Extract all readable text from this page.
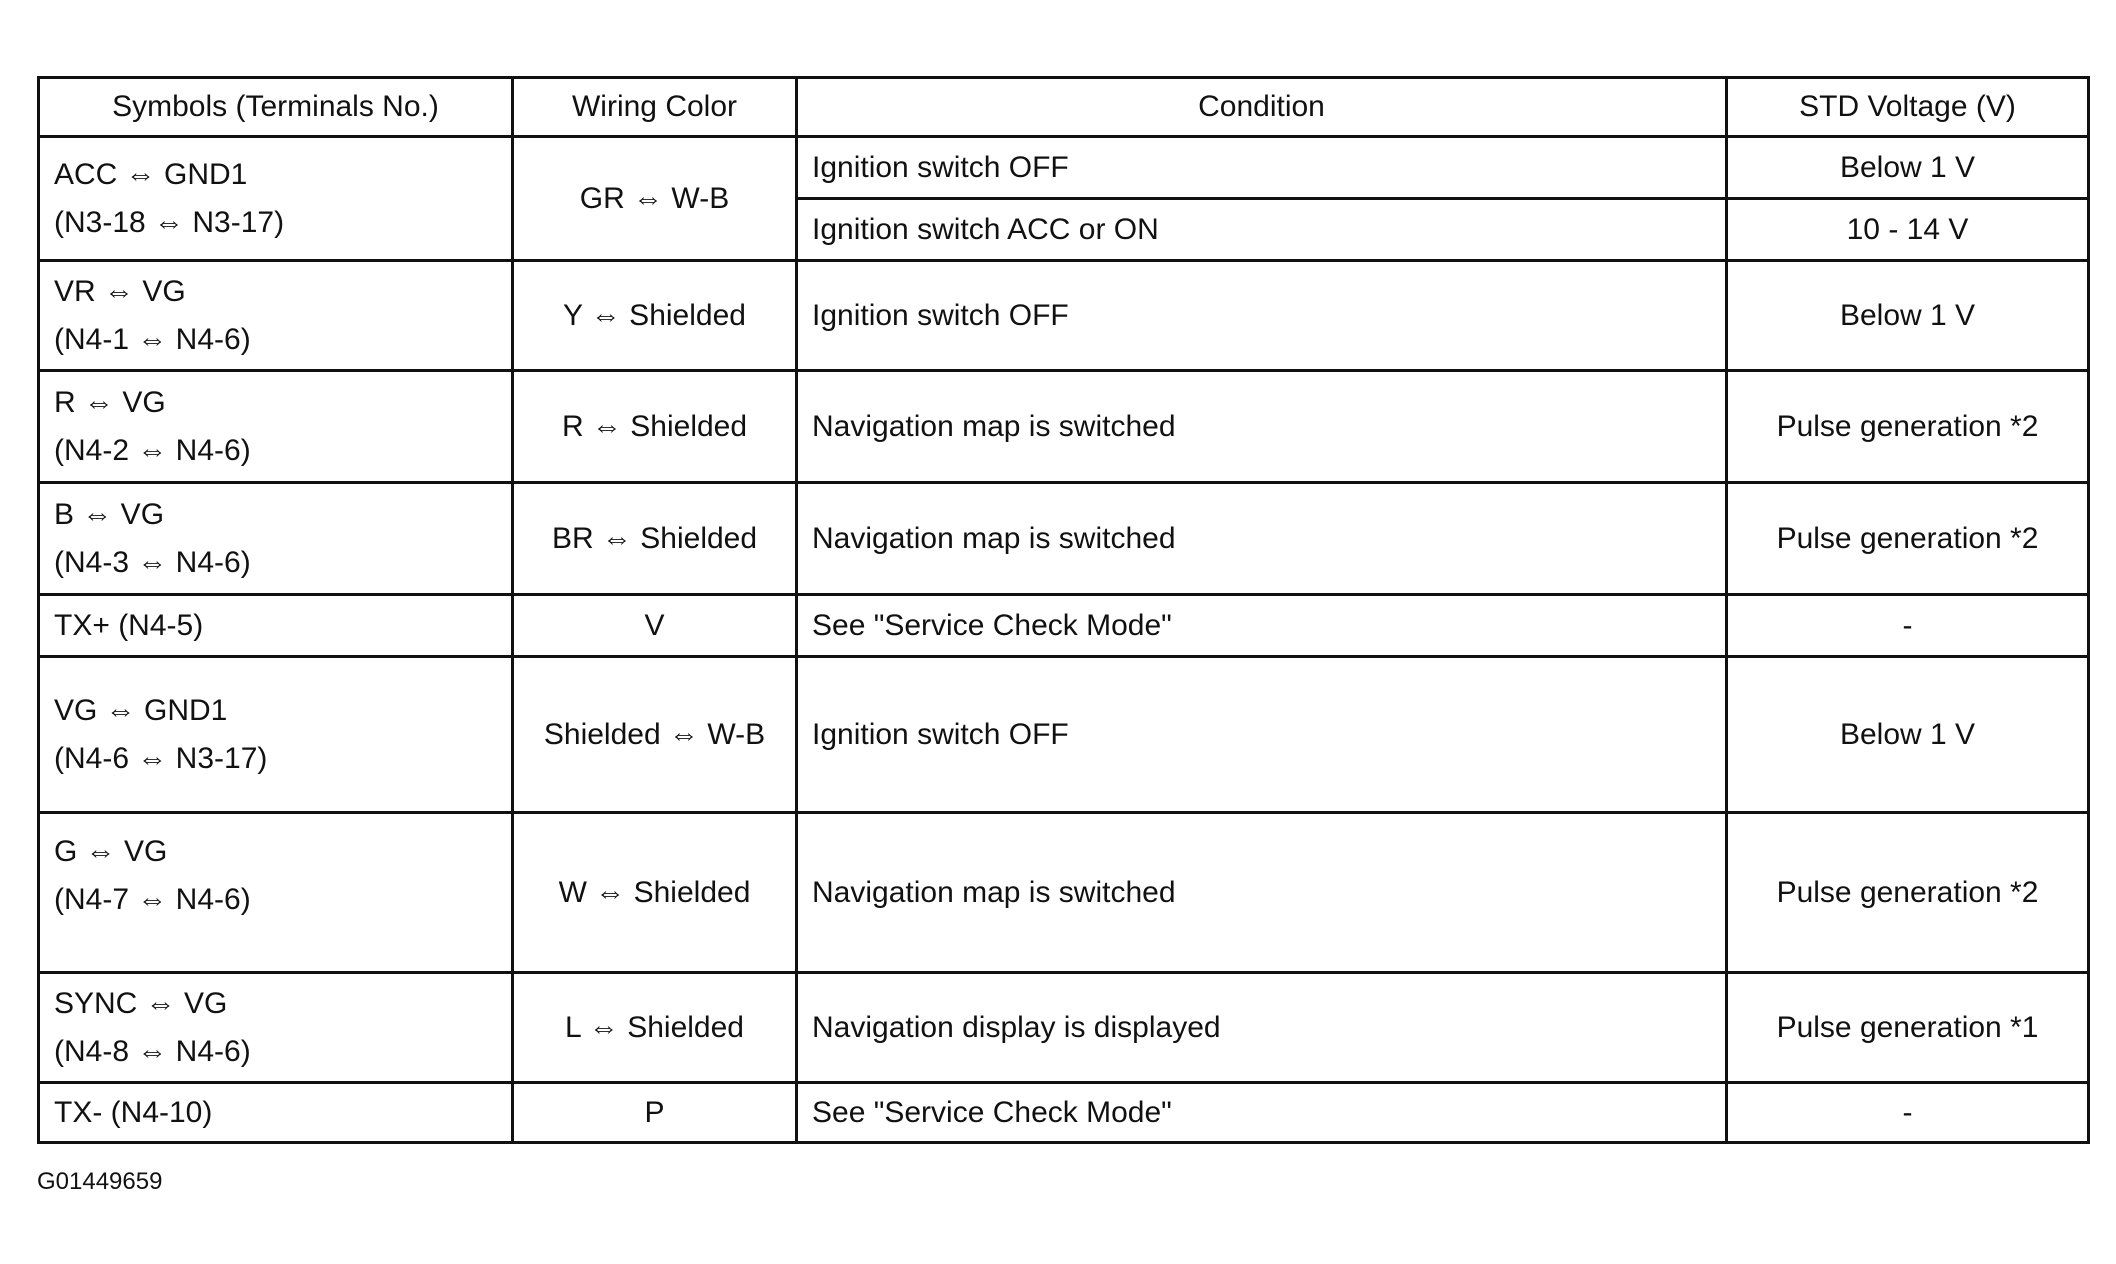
Symbols (Terminals No.)	Wiring Color	Condition	STD Voltage (V)

ACC ⇔ GND1
(N3-18 ⇔ N3-17)	GR ⇔ W-B	Ignition switch OFF	Below 1 V
		Ignition switch ACC or ON	10 - 14 V

VR ⇔ VG
(N4-1 ⇔ N4-6)	Y ⇔ Shielded	Ignition switch OFF	Below 1 V

R ⇔ VG
(N4-2 ⇔ N4-6)	R ⇔ Shielded	Navigation map is switched	Pulse generation *2

B ⇔ VG
(N4-3 ⇔ N4-6)	BR ⇔ Shielded	Navigation map is switched	Pulse generation *2

TX+ (N4-5)	V	See "Service Check Mode"	-

VG ⇔ GND1
(N4-6 ⇔ N3-17)	Shielded ⇔ W-B	Ignition switch OFF	Below 1 V

G ⇔ VG
(N4-7 ⇔ N4-6)	W ⇔ Shielded	Navigation map is switched	Pulse generation *2

SYNC ⇔ VG
(N4-8 ⇔ N4-6)	L ⇔ Shielded	Navigation display is displayed	Pulse generation *1

TX- (N4-10)	P	See "Service Check Mode"	-
G01449659
